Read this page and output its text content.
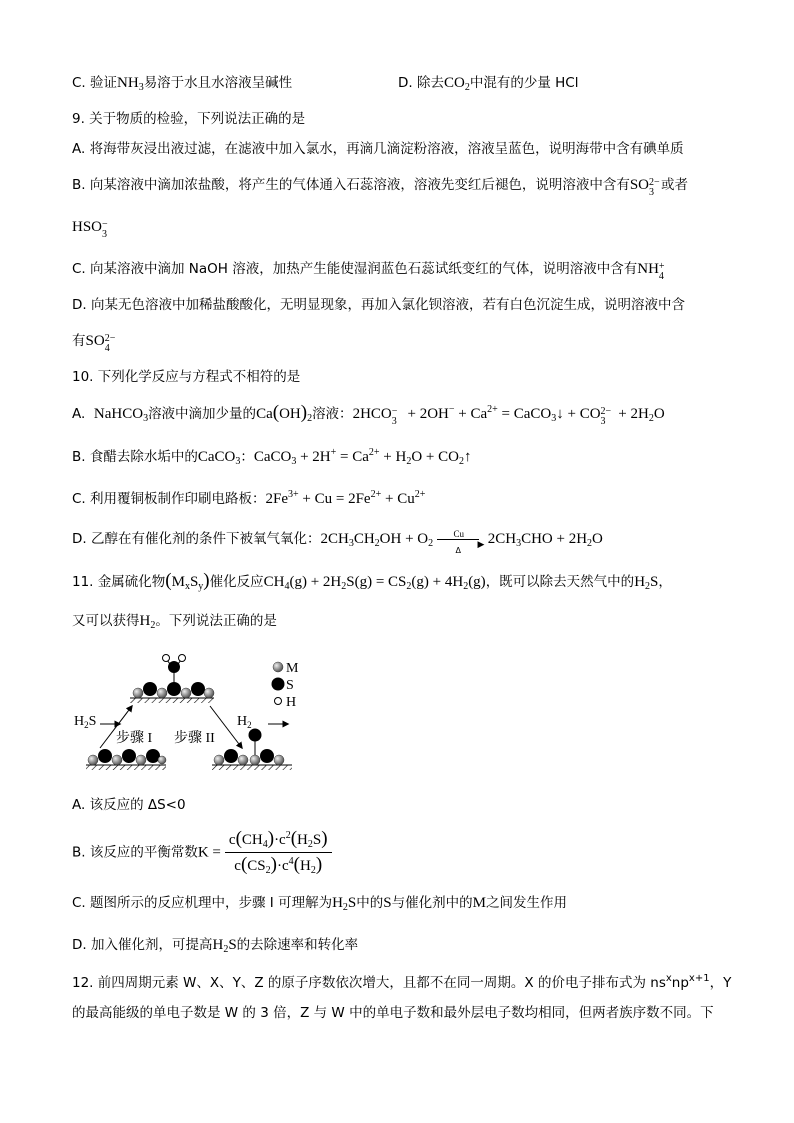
C. 验证$NH_3$易溶于水且水溶液呈碱性	D. 除去$CO_2$中混有的少量 HCl
9. 关于物质的检验，下列说法正确的是
A. 将海带灰浸出液过滤，在滤液中加入氯水，再滴几滴淀粉溶液，溶液呈蓝色，说明海带中含有碘单质
B. 向某溶液中滴加浓盐酸，将产生的气体通入石蕊溶液，溶液先变红后褪色，说明溶液中含有SO 2−
3 或者
HSO −
3
C. 向某溶液中滴加 NaOH 溶液，加热产生能使湿润蓝色石蕊试纸变红的气体，说明溶液中含有NH +
4
D. 向某无色溶液中加稀盐酸酸化，无明显现象，再加入氯化钡溶液，若有白色沉淀生成，说明溶液中含
有SO 2−
4
10. 下列化学反应与方程式不相符的是
A. NaHCO$_3$溶液中滴加少量的$Ca(OH)_2$溶液：2HCO −
$3 + 2OH^- + Ca^{2+}$ = CaCO$_3$↓ + CO 2−
$3 + 2H_2O$
B. 食醋去除水垢中的CaCO$_3$：CaCO$_3$ + $2H^+ = Ca^{2+} + H_2O$ + $CO_2↑$
C. 利用覆铜板制作印刷电路板：$2Fe^{3+} + Cu = 2Fe^{2+} + Cu^{2+}$
D. 乙醇在有催化剂的条件下被氧气氧化：$2CH_3CH_2OH + O_2$
Cu
▶
Δ
$2CH_3CHO + 2H_2O$
11. 金属硫化物$(M_xS_y)$催化反应$CH_4(g) + 2H_2S(g) = CS_2(g) + 4H_2(g)$，既可以除去天然气中的$H_2S$，
又可以获得$H_2$。下列说法正确的是
$H_2S$	$H_2$
步骤 I 步骤 II
M
S
H
A. 该反应的 ΔS<0
B. 该反应的平衡常数$K = \frac{c(CH_4)\cdot c^2(H_2S)}{c(CS_2)\cdot c^4(H_2)}$
C. 题图所示的反应机理中，步骤 I 可理解为$H_2S$中的S与催化剂中的M之间发生作用
D. 加入催化剂，可提高$H_2S$的去除速率和转化率
12. 前四周期元素 W、X、Y、Z 的原子序数依次增大，且都不在同一周期。X 的价电子排布式为 $ns^xnp^{x+1}$，Y
的最高能级的单电子数是 W 的 3 倍，Z 与 W 中的单电子数和最外层电子数均相同，但两者族序数不同。下
